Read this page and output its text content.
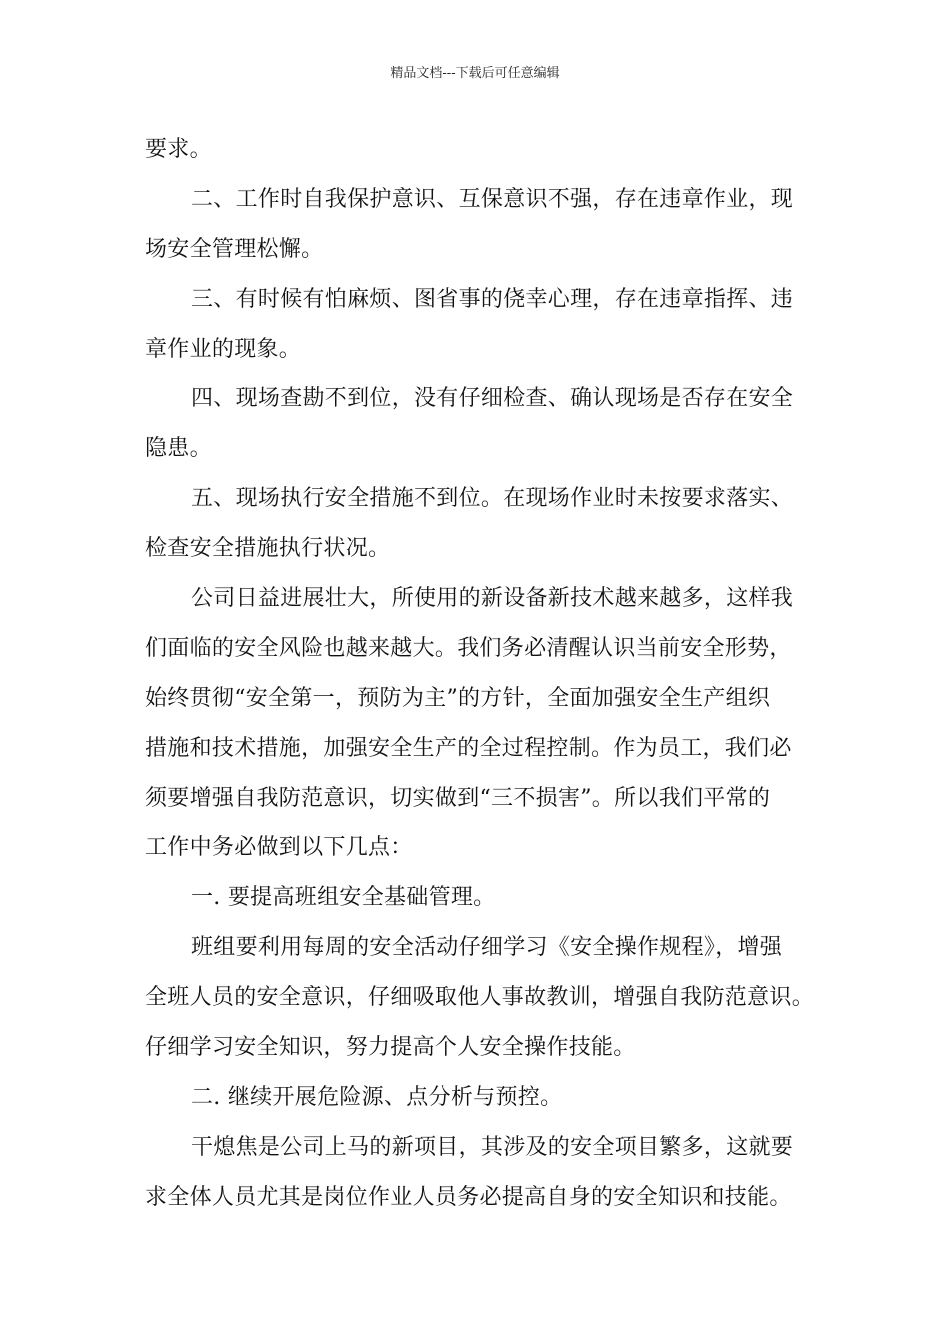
精品文档---下载后可任意编辑
要求。
二、工作时自我保护意识、互保意识不强，存在违章作业，现
场安全管理松懈。
三、有时候有怕麻烦、图省事的侥幸心理，存在违章指挥、违
章作业的现象。
四、现场查勘不到位，没有仔细检查、确认现场是否存在安全
隐患。
五、现场执行安全措施不到位。在现场作业时未按要求落实、
检查安全措施执行状况。
公司日益进展壮大，所使用的新设备新技术越来越多，这样我
们面临的安全风险也越来越大。我们务必清醒认识当前安全形势，
始终贯彻“安全第一，预防为主”的方针，全面加强安全生产组织
措施和技术措施，加强安全生产的全过程控制。作为员工，我们必
须要增强自我防范意识，切实做到“三不损害”。所以我们平常的
工作中务必做到以下几点：
一. 要提高班组安全基础管理。
班组要利用每周的安全活动仔细学习《安全操作规程》，增强
全班人员的安全意识，仔细吸取他人事故教训，增强自我防范意识。
仔细学习安全知识，努力提高个人安全操作技能。
二. 继续开展危险源、点分析与预控。
干熄焦是公司上马的新项目，其涉及的安全项目繁多，这就要
求全体人员尤其是岗位作业人员务必提高自身的安全知识和技能。
